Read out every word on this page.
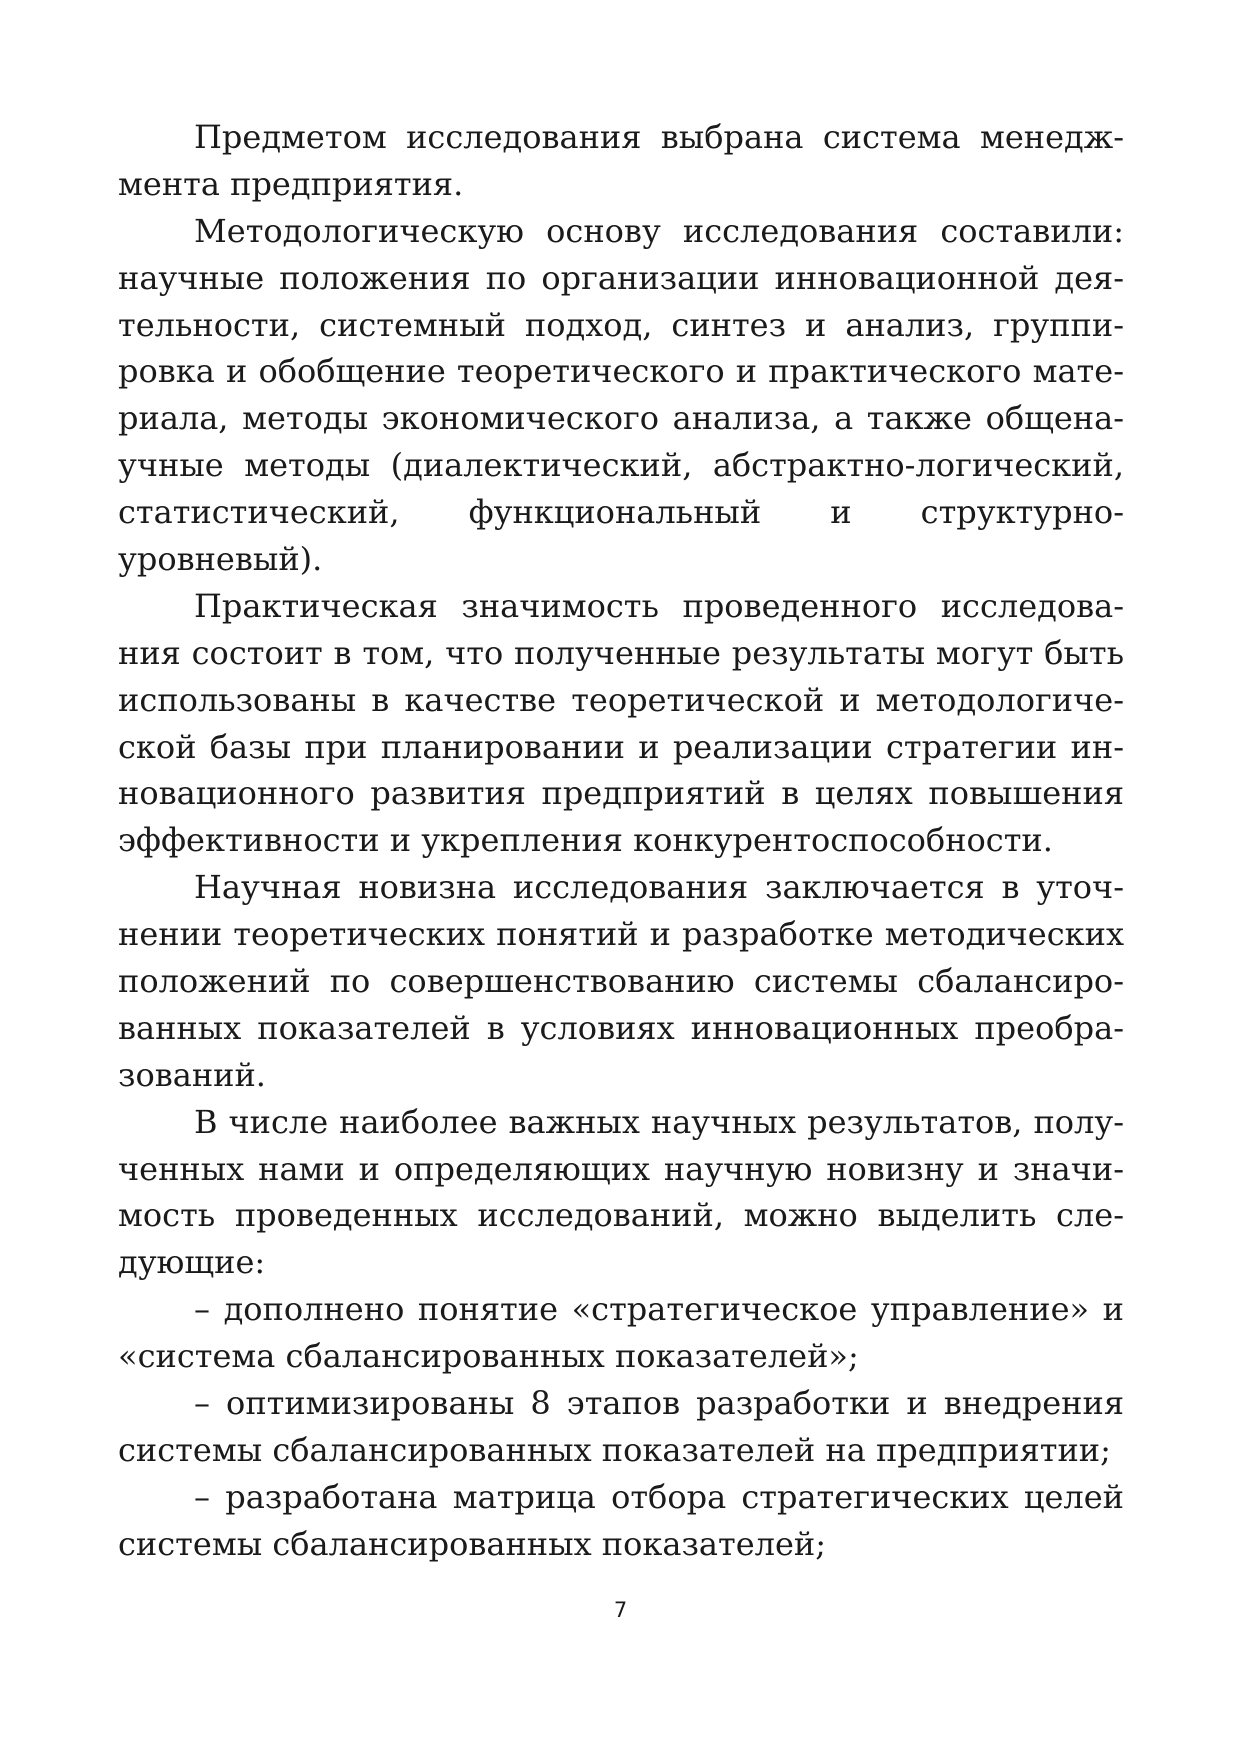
Предметом исследования выбрана система менедж-
мента предприятия.
Методологическую основу исследования составили:
научные положения по организации инновационной дея-
тельности, системный подход, синтез и анализ, группи-
ровка и обобщение теоретического и практического мате-
риала, методы экономического анализа, а также общена-
учные методы (диалектический, абстрактно-логический,
статистический, функциональный и структурно-
уровневый).
Практическая значимость проведенного исследова-
ния состоит в том, что полученные результаты могут быть
использованы в качестве теоретической и методологиче-
ской базы при планировании и реализации стратегии ин-
новационного развития предприятий в целях повышения
эффективности и укрепления конкурентоспособности.
Научная новизна исследования заключается в уточ-
нении теоретических понятий и разработке методических
положений по совершенствованию системы сбалансиро-
ванных показателей в условиях инновационных преобра-
зований.
В числе наиболее важных научных результатов, полу-
ченных нами и определяющих научную новизну и значи-
мость проведенных исследований, можно выделить сле-
дующие:
– дополнено понятие «стратегическое управление» и
«система сбалансированных показателей»;
– оптимизированы 8 этапов разработки и внедрения
системы сбалансированных показателей на предприятии;
– разработана матрица отбора стратегических целей
системы сбалансированных показателей;
7
